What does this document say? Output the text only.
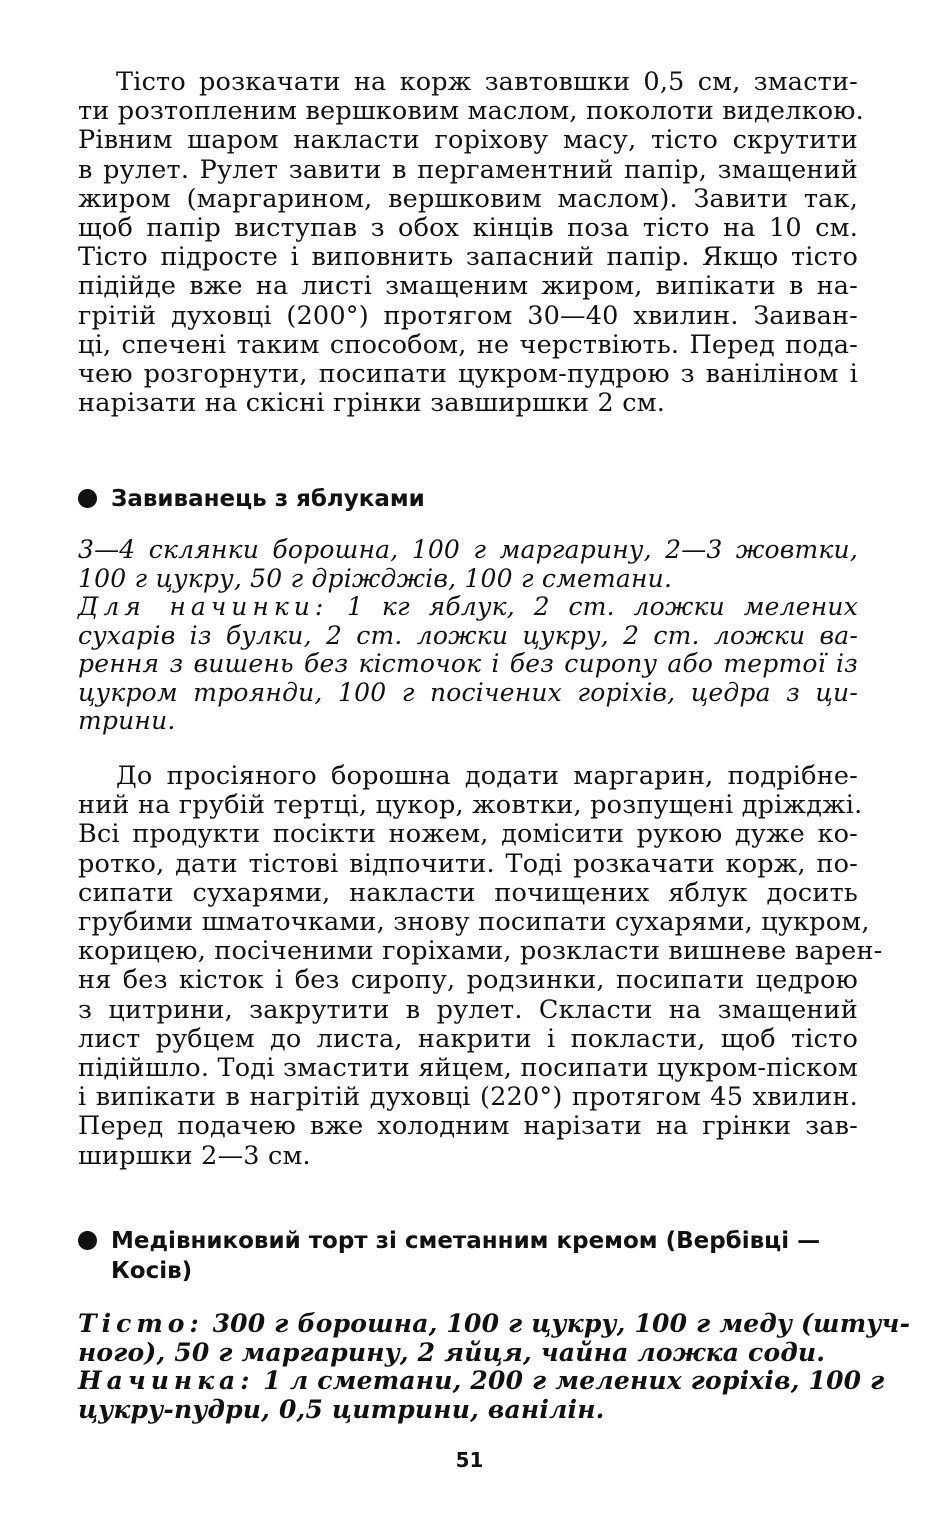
Тісто розкачати на корж завтовшки 0,5 см, змасти-
ти розтопленим вершковим маслом, поколоти виделкою.
Рівним шаром накласти горіхову масу, тісто скрутити
в рулет. Рулет завити в пергаментний папір, змащений
жиром (маргарином, вершковим маслом). Завити так,
щоб папір виступав з обох кінців поза тісто на 10 см.
Тісто підросте і виповнить запасний папір. Якщо тісто
підійде вже на листі змащеним жиром, випікати в на-
грітій духовці (200°) протягом 30—40 хвилин. Заиван-
ці, спечені таким способом, не черствіють. Перед пода-
чею розгорнути, посипати цукром-пудрою з ваніліном і
нарізати на скісні грінки завширшки 2 см.
Завиванець з яблуками
3—4 склянки борошна, 100 г маргарину, 2—3 жовтки,
100 г цукру, 50 г дріжджів, 100 г сметани.
Для начинки: 1 кг яблук, 2 ст. ложки мелених
сухарів із булки, 2 ст. ложки цукру, 2 ст. ложки ва-
рення з вишень без кісточок і без сиропу або тертої із
цукром троянди, 100 г посічених горіхів, цедра з ци-
трини.
До просіяного борошна додати маргарин, подрібне-
ний на грубій тертці, цукор, жовтки, розпущені дріжджі.
Всі продукти посікти ножем, домісити рукою дуже ко-
ротко, дати тістові відпочити. Тоді розкачати корж, по-
сипати сухарями, накласти почищених яблук досить
грубими шматочками, знову посипати сухарями, цукром,
корицею, посіченими горіхами, розкласти вишневе варен-
ня без кісток і без сиропу, родзинки, посипати цедрою
з цитрини, закрутити в рулет. Скласти на змащений
лист рубцем до листа, накрити і покласти, щоб тісто
підійшло. Тоді змастити яйцем, посипати цукром-піском
і випікати в нагрітій духовці (220°) протягом 45 хвилин.
Перед подачею вже холодним нарізати на грінки зав-
ширшки 2—3 см.
Медівниковий торт зі сметанним кремом (Вербівці —
Косів)
Тісто: 300 г борошна, 100 г цукру, 100 г меду (штуч-
ного), 50 г маргарину, 2 яйця, чайна ложка соди.
Начинка: 1 л сметани, 200 г мелених горіхів, 100 г
цукру-пудри, 0,5 цитрини, ванілін.
51
